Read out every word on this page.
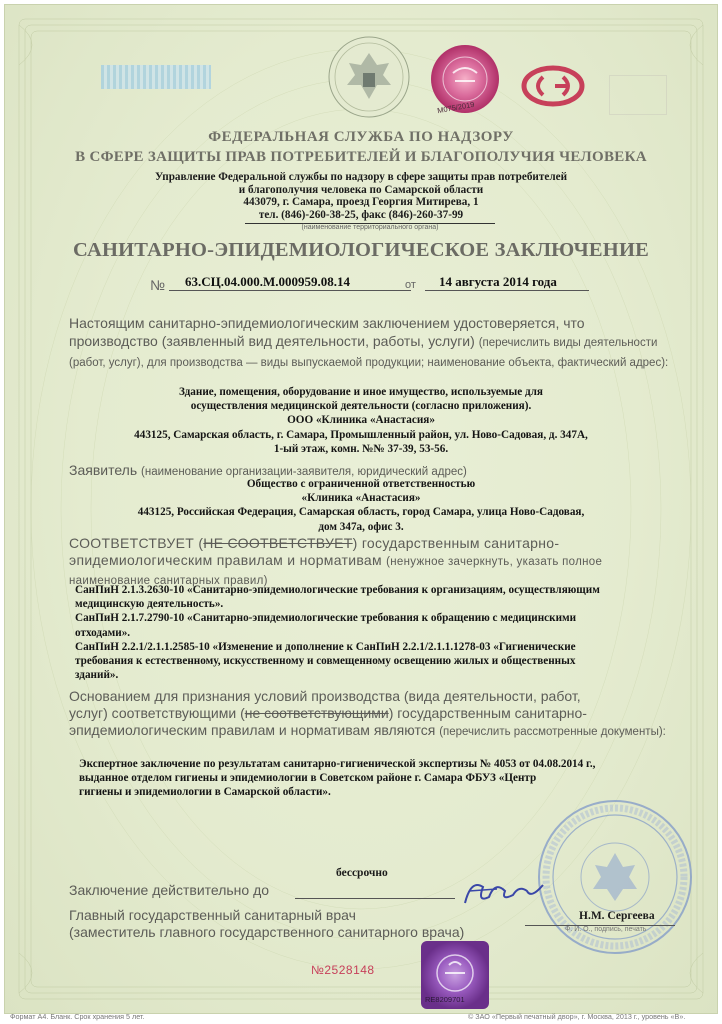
М075/2019
ФЕДЕРАЛЬНАЯ СЛУЖБА ПО НАДЗОРУ
В СФЕРЕ ЗАЩИТЫ ПРАВ ПОТРЕБИТЕЛЕЙ И БЛАГОПОЛУЧИЯ ЧЕЛОВЕКА
Управление Федеральной службы по надзору в сфере защиты прав потребителей
и благополучия человека по Самарской области
443079, г. Самара, проезд Георгия Митирева, 1
тел. (846)-260-38-25, факс (846)-260-37-99
(наименование территориального органа)
САНИТАРНО-ЭПИДЕМИОЛОГИЧЕСКОЕ ЗАКЛЮЧЕНИЕ
№	63.СЦ.04.000.М.000959.08.14	от	14 августа 2014 года
Настоящим санитарно-эпидемиологическим заключением удостоверяется, что производство (заявленный вид деятельности, работы, услуги) (перечислить виды деятельности (работ, услуг), для производства — виды выпускаемой продукции; наименование объекта, фактический адрес):
Здание, помещения, оборудование и иное имущество, используемые для
осуществления медицинской деятельности (согласно приложения).
ООО «Клиника «Анастасия»
443125, Самарская область, г. Самара, Промышленный район, ул. Ново-Садовая, д. 347А,
1-ый этаж, комн. №№ 37-39, 53-56.
Заявитель (наименование организации-заявителя, юридический адрес)
Общество с ограниченной ответственностью
«Клиника «Анастасия»
443125, Российская Федерация, Самарская область, город Самара, улица Ново-Садовая,
дом 347а, офис 3.
СООТВЕТСТВУЕТ (НЕ СООТВЕТСТВУЕТ) государственным санитарно-эпидемиологическим правилам и нормативам (ненужное зачеркнуть, указать полное наименование санитарных правил)
СанПиН 2.1.3.2630-10 «Санитарно-эпидемиологические требования к организациям, осуществляющим
медицинскую деятельность».
СанПиН 2.1.7.2790-10 «Санитарно-эпидемиологические требования к обращению с медицинскими
отходами».
СанПиН 2.2.1/2.1.1.2585-10 «Изменение и дополнение к СанПиН 2.2.1/2.1.1.1278-03 «Гигиенические
требования к естественному, искусственному и совмещенному освещению жилых и общественных
зданий».
Основанием для признания условий производства (вида деятельности, работ,
услуг) соответствующими (не соответствующими) государственным санитарно-
эпидемиологическим правилам и нормативам являются (перечислить рассмотренные документы):
Экспертное заключение по результатам санитарно-гигиенической экспертизы № 4053 от 04.08.2014 г.,
выданное отделом гигиены и эпидемиологии в Советском районе г. Самара ФБУЗ «Центр
гигиены и эпидемиологии в Самарской области».
бессрочно
Заключение действительно до
Главный государственный санитарный врач
(заместитель главного государственного санитарного врача)
Н.М. Сергеева
Ф. И. О., подпись, печать
RE8209701
№2528148
Формат А4. Бланк. Срок хранения 5 лет.	© ЗАО «Первый печатный двор», г. Москва, 2013 г., уровень «В».
